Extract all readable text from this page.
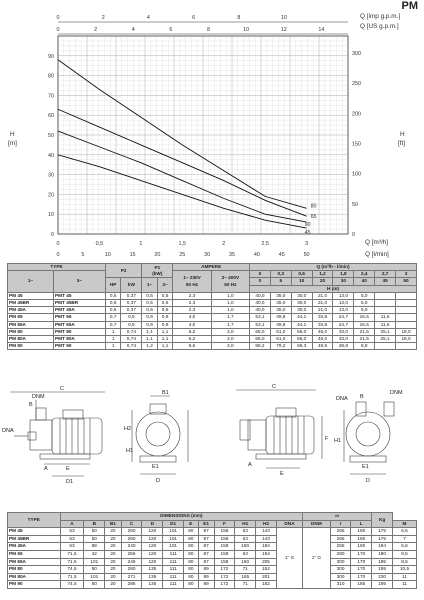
PM
0
10
20
30
40
50
60
70
80
90
0
50
100
150
200
250
300
0	0,5	1	1,5	2	2,5	3
0	5	10	15	20	25	30	35	40	45	50
0	2	4	6	8	10
0	2	4	6	8	10	12	14
80
65
90
45
Q [imp g.p.m.]
Q [US g.p.m.]
H
[m]
H
[ft]
Q [m³/h]
Q [l/min]
TYPE		P2		P1
(kW)		AMPERE		Q (m³/h - l/min)							
1~	3~					1~ 230V
50 Hz	3~ 400V
50 Hz	0	0,3	0,6	1,2	1,8	2,4	2,7	3
		HP	kW	1~	3~			0	5	10	20	30	40	45	50
								H (m)							
PM 45	PMT 45	0,5	0,37	0,5	0,5	2,3	1,0	40,0	35,0	30,0	21,0	13,0	5,0		
PM 45BR	PMT 45BR	0,5	0,37	0,5	0,5	2,3	1,0	40,0	35,0	30,0	21,0	13,0	5,0		
PM 45A	PMT 45A	0,5	0,37	0,5	0,5	2,3	1,0	40,0	35,0	30,0	21,0	13,0	5,0		
PM 65	PMT 65	0,7	0,5	0,9	0,9	4,0	1,7	53,1	48,8	44,1	33,8	24,7	15,5	11,6	
PM 65A	PMT 65A	0,7	0,5	0,9	0,9	4,0	1,7	53,1	48,8	44,1	33,8	24,7	15,5	11,6	
PM 80	PMT 80	1	0,74	1,1	1,1	5,2	2,0	65,0	61,0	56,0	45,0	33,0	21,5	25,1	18,0
PM 80A	PMT 80A	1	0,74	1,1	1,1	5,2	2,0	65,0	61,0	56,0	45,0	33,0	21,5	25,1	18,0
PM 90	PMT 90	1	0,74	1,2	1,1	5,6	2,0	88,2	79,2	69,3	49,5	28,8	8,8		
C
DNM
B
DNA
A	E
D1
B1
H2
H1
D
C
F
A
E
DNA
DNM
B
H1
E1	E1
D
TYPE	DIMENSIONS (mm)												▭			Kg	
	A	B	B1	C	D	D1	E	E1	F	H1	H2	DNA	DNM	I	L		M
PM 45	63	50	20	260	120	101	80	87	158	63	143	1" G	1" G	265	150	175	6,5
PM 45BR	63	50	20	260	120	101	80	87	158	63	143			265	150	175	7
PM 45A	63	89	20	240	120	101	80	87	158	150	184			255	150	184	6,6
PM 65	71,5	42	20	256	120	111	80	87	158	63	154			290	170	180	8,5
PM 65A	71,5	101	20	248	120	111	80	87	158	150	205			300	170	195	8,5
PM 80	74,5	50	20	280	135	111	80	89	172	71	152			300	170	195	10,5
PM 80A	71,5	101	20	271	135	111	80	89	172	165	201			300	170	230	11
PM 90	74,5	50	20	286	135	111	80	89	172	71	152			310	185	195	11
